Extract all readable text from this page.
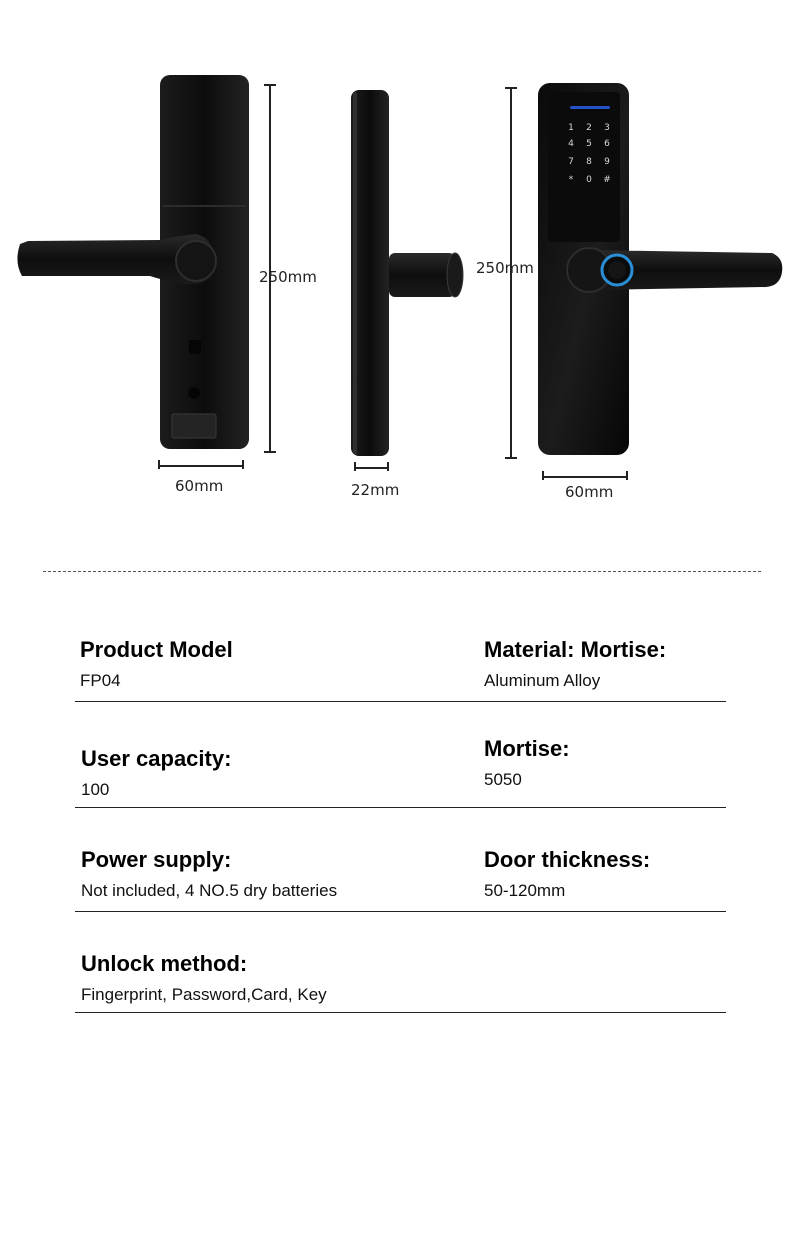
1 2 3
4 5 6
7 8 9
* 0 #
250mm
60mm	22mm
250mm
60mm
Product Model
FP04
Material: Mortise:
Aluminum Alloy
User capacity:
100
Mortise:
5050
Power supply:
Not included, 4 NO.5 dry batteries
Door thickness:
50-120mm
Unlock method:
Fingerprint, Password,Card, Key
